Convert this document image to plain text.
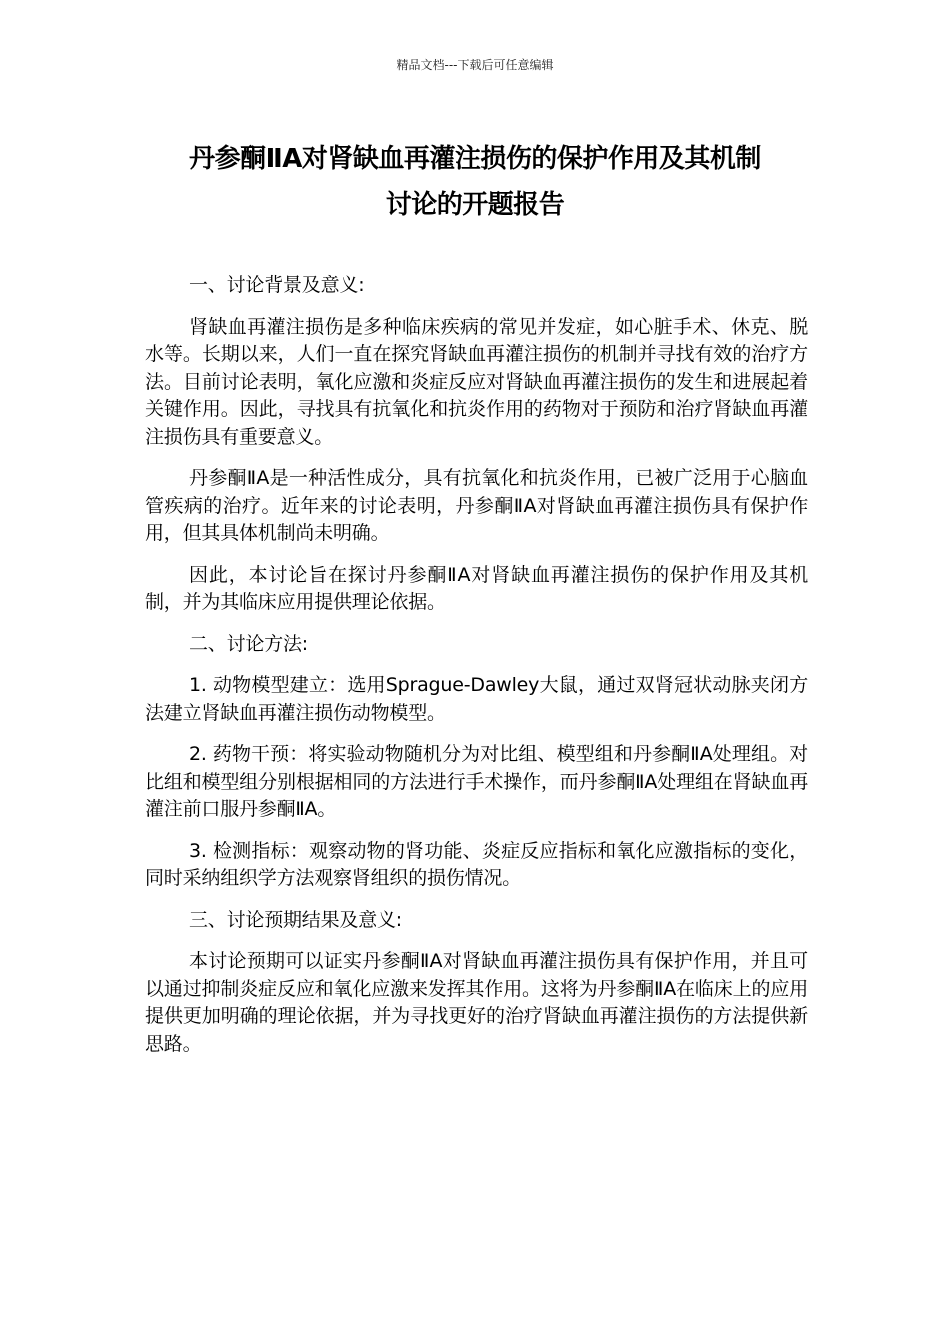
精品文档---下载后可任意编辑
丹参酮ⅡA对肾缺血再灌注损伤的保护作用及其机制
讨论的开题报告

一、讨论背景及意义:

肾缺血再灌注损伤是多种临床疾病的常见并发症，如心脏手术、休克、脱水等。长期以来，人们一直在探究肾缺血再灌注损伤的机制并寻找有效的治疗方法。目前讨论表明，氧化应激和炎症反应对肾缺血再灌注损伤的发生和进展起着关键作用。因此，寻找具有抗氧化和抗炎作用的药物对于预防和治疗肾缺血再灌注损伤具有重要意义。

丹参酮ⅡA是一种活性成分，具有抗氧化和抗炎作用，已被广泛用于心脑血管疾病的治疗。近年来的讨论表明，丹参酮ⅡA对肾缺血再灌注损伤具有保护作用，但其具体机制尚未明确。

因此，本讨论旨在探讨丹参酮ⅡA对肾缺血再灌注损伤的保护作用及其机制，并为其临床应用提供理论依据。

二、讨论方法:

1. 动物模型建立：选用Sprague-Dawley大鼠，通过双肾冠状动脉夹闭方法建立肾缺血再灌注损伤动物模型。

2. 药物干预：将实验动物随机分为对比组、模型组和丹参酮ⅡA处理组。对比组和模型组分别根据相同的方法进行手术操作，而丹参酮ⅡA处理组在肾缺血再灌注前口服丹参酮ⅡA。

3. 检测指标：观察动物的肾功能、炎症反应指标和氧化应激指标的变化，同时采纳组织学方法观察肾组织的损伤情况。

三、讨论预期结果及意义:

本讨论预期可以证实丹参酮ⅡA对肾缺血再灌注损伤具有保护作用，并且可以通过抑制炎症反应和氧化应激来发挥其作用。这将为丹参酮ⅡA在临床上的应用提供更加明确的理论依据，并为寻找更好的治疗肾缺血再灌注损伤的方法提供新思路。
